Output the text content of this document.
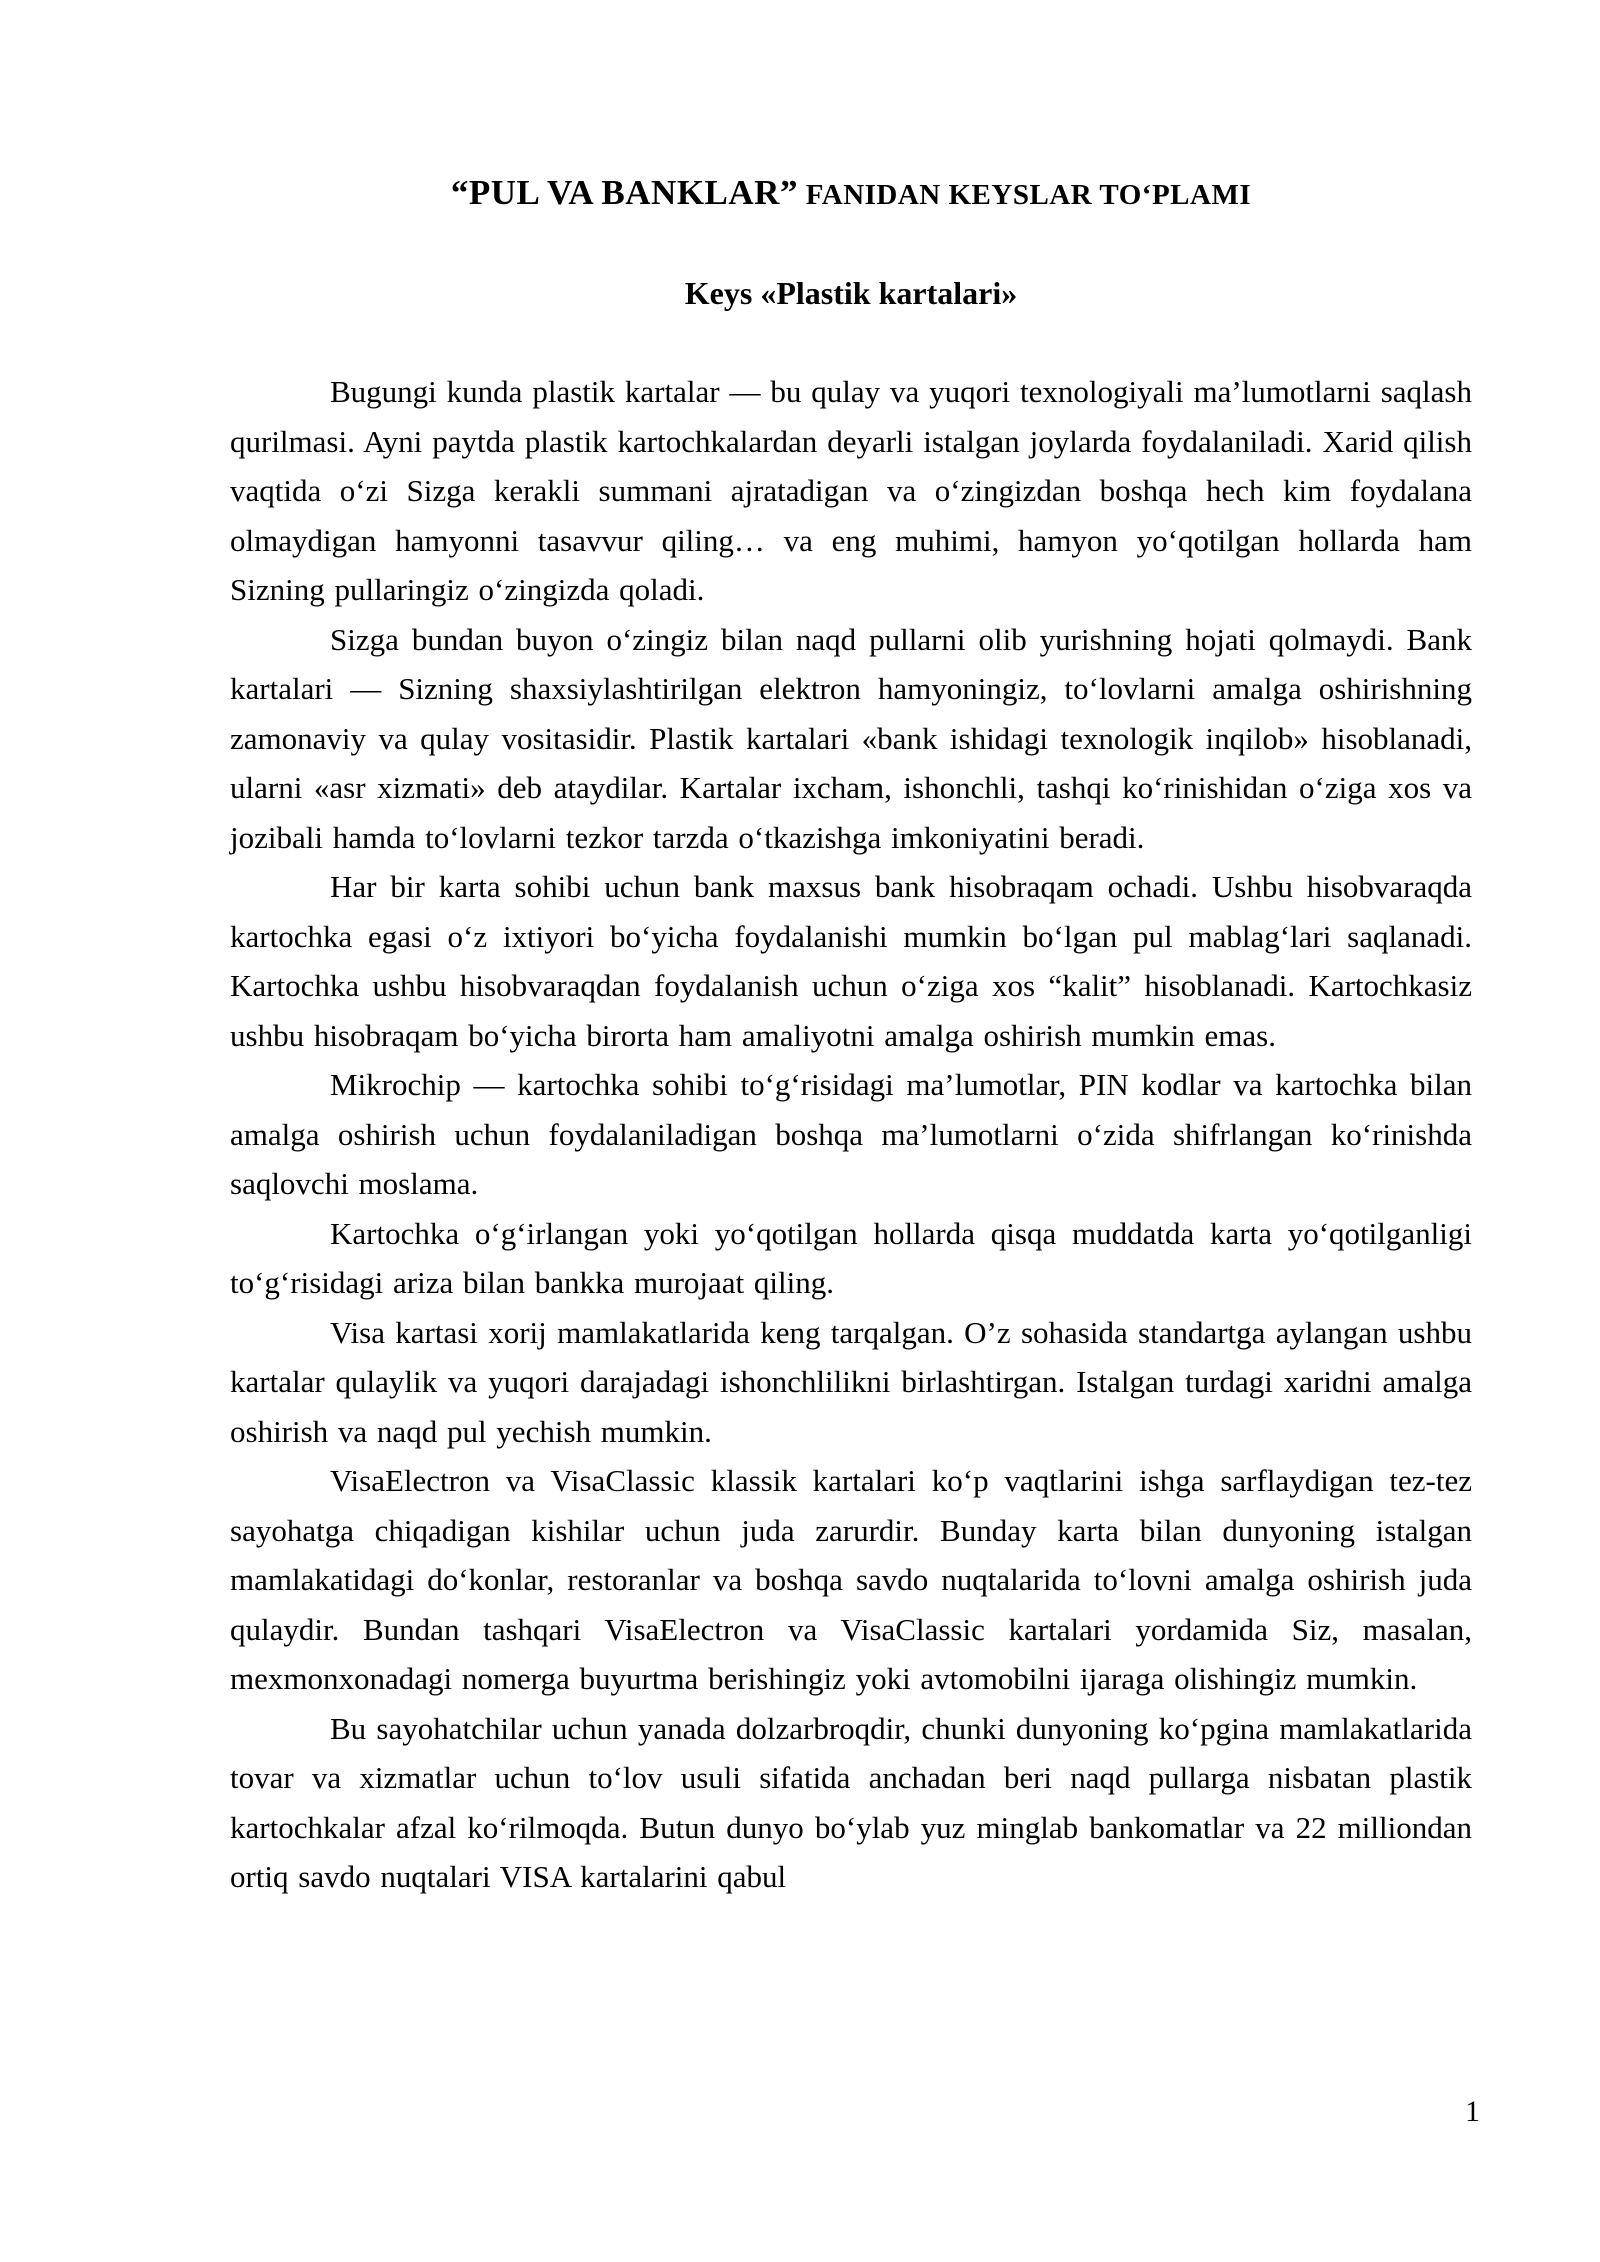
“PUL VA BANKLAR” FANIDAN KEYSLAR TO‘PLAMI
Keys «Plastik kartalari»

Bugungi kunda plastik kartalar — bu qulay va yuqori texnologiyali ma’lumotlarni saqlash qurilmasi. Ayni paytda plastik kartochkalardan deyarli istalgan joylarda foydalaniladi. Xarid qilish vaqtida o‘zi Sizga kerakli summani ajratadigan va o‘zingizdan boshqa hech kim foydalana olmaydigan hamyonni tasavvur qiling… va eng muhimi, hamyon yo‘qotilgan hollarda ham Sizning pullaringiz o‘zingizda qoladi.

Sizga bundan buyon o‘zingiz bilan naqd pullarni olib yurishning hojati qolmaydi. Bank kartalari — Sizning shaxsiylashtirilgan elektron hamyoningiz, to‘lovlarni amalga oshirishning zamonaviy va qulay vositasidir. Plastik kartalari «bank ishidagi texnologik inqilob» hisoblanadi, ularni «asr xizmati» deb ataydilar. Kartalar ixcham, ishonchli, tashqi ko‘rinishidan o‘ziga xos va jozibali hamda to‘lovlarni tezkor tarzda o‘tkazishga imkoniyatini beradi.

Har bir karta sohibi uchun bank maxsus bank hisobraqam ochadi. Ushbu hisobvaraqda kartochka egasi o‘z ixtiyori bo‘yicha foydalanishi mumkin bo‘lgan pul mablag‘lari saqlanadi. Kartochka ushbu hisobvaraqdan foydalanish uchun o‘ziga xos “kalit” hisoblanadi. Kartochkasiz ushbu hisobraqam bo‘yicha birorta ham amaliyotni amalga oshirish mumkin emas.

Mikrochip — kartochka sohibi to‘g‘risidagi ma’lumotlar, PIN kodlar va kartochka bilan amalga oshirish uchun foydalaniladigan boshqa ma’lumotlarni o‘zida shifrlangan ko‘rinishda saqlovchi moslama.

Kartochka o‘g‘irlangan yoki yo‘qotilgan hollarda qisqa muddatda karta yo‘qotilganligi to‘g‘risidagi ariza bilan bankka murojaat qiling.

Visa kartasi xorij mamlakatlarida keng tarqalgan. O’z sohasida standartga aylangan ushbu kartalar qulaylik va yuqori darajadagi ishonchlilikni birlashtirgan. Istalgan turdagi xaridni amalga oshirish va naqd pul yechish mumkin.

VisaElectron va VisaClassic klassik kartalari ko‘p vaqtlarini ishga sarflaydigan tez-tez sayohatga chiqadigan kishilar uchun juda zarurdir. Bunday karta bilan dunyoning istalgan mamlakatidagi do‘konlar, restoranlar va boshqa savdo nuqtalarida to‘lovni amalga oshirish juda qulaydir. Bundan tashqari VisaElectron va VisaClassic kartalari yordamida Siz, masalan, mexmonxonadagi nomerga buyurtma berishingiz yoki avtomobilni ijaraga olishingiz mumkin.

Bu sayohatchilar uchun yanada dolzarbroqdir, chunki dunyoning ko‘pgina mamlakatlarida tovar va xizmatlar uchun to‘lov usuli sifatida anchadan beri naqd pullarga nisbatan plastik kartochkalar afzal ko‘rilmoqda. Butun dunyo bo‘ylab yuz minglab bankomatlar va 22 milliondan ortiq savdo nuqtalari VISA kartalarini qabul

1
